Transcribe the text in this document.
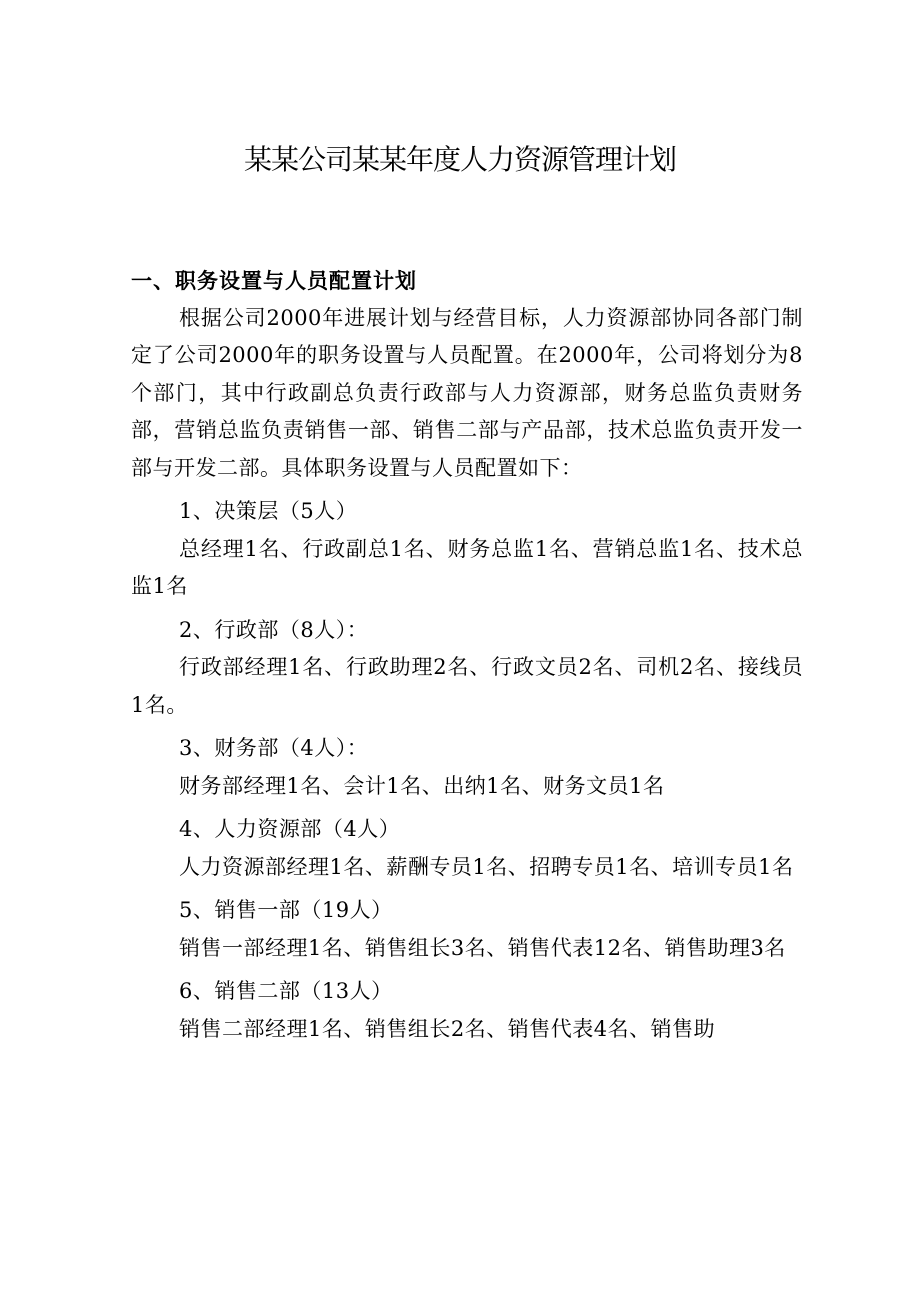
某某公司某某年度人力资源管理计划

一、职务设置与人员配置计划

根据公司2000年进展计划与经营目标，人力资源部协同各部门制定了公司2000年的职务设置与人员配置。在2000年，公司将划分为8个部门，其中行政副总负责行政部与人力资源部，财务总监负责财务部，营销总监负责销售一部、销售二部与产品部，技术总监负责开发一部与开发二部。具体职务设置与人员配置如下：

1、决策层（5人）

总经理1名、行政副总1名、财务总监1名、营销总监1名、技术总监1名

2、行政部（8人）：

行政部经理1名、行政助理2名、行政文员2名、司机2名、接线员1名。

3、财务部（4人）：

财务部经理1名、会计1名、出纳1名、财务文员1名

4、人力资源部（4人）

人力资源部经理1名、薪酬专员1名、招聘专员1名、培训专员1名

5、销售一部（19人）

销售一部经理1名、销售组长3名、销售代表12名、销售助理3名

6、销售二部（13人）

销售二部经理1名、销售组长2名、销售代表4名、销售助
